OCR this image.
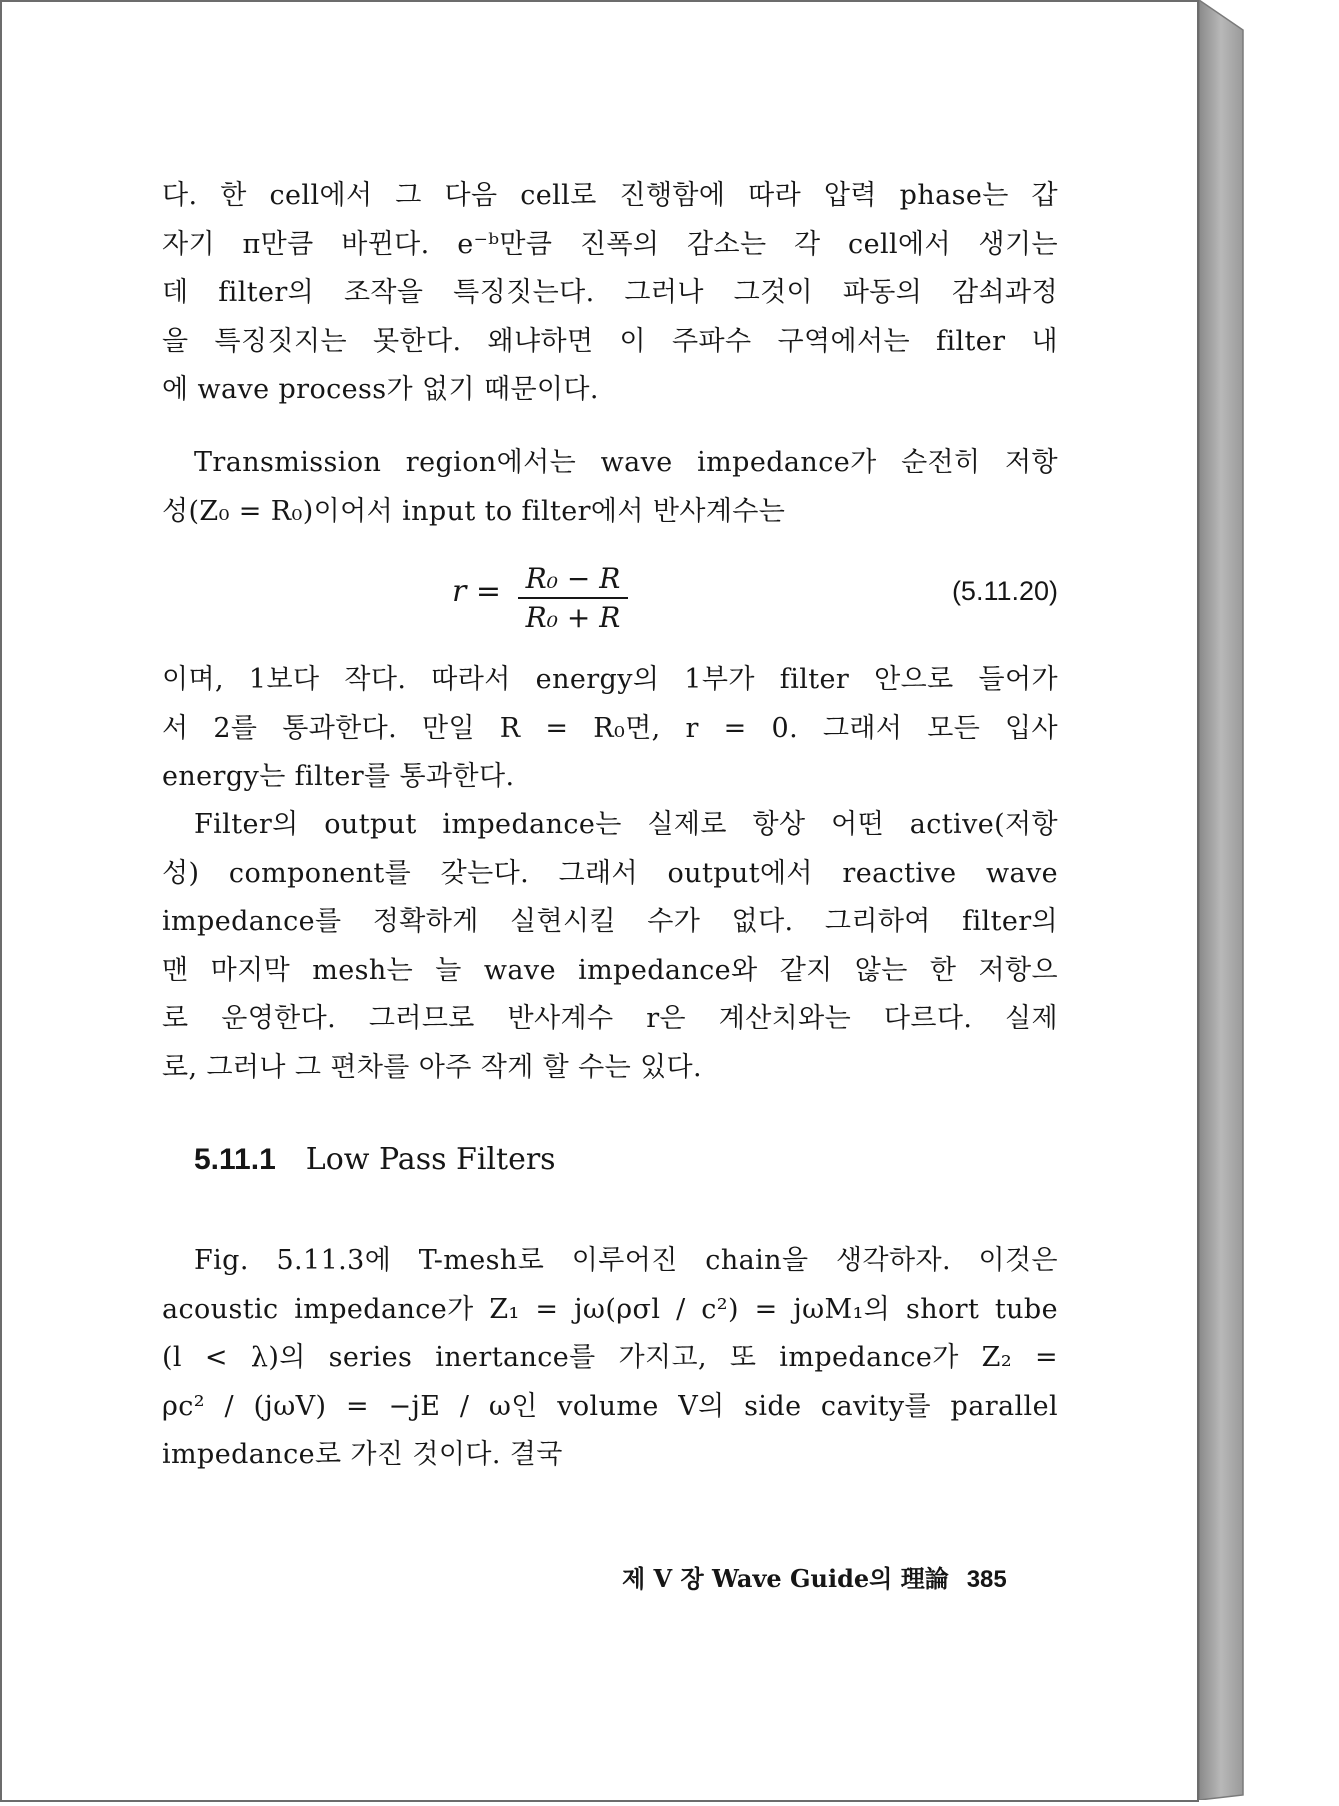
다. 한 cell에서 그 다음 cell로 진행함에 따라 압력 phase는 갑
자기 π만큼 바뀐다. e⁻ᵇ만큼 진폭의 감소는 각 cell에서 생기는
데 filter의 조작을 특징짓는다. 그러나 그것이 파동의 감쇠과정
을 특징짓지는 못한다. 왜냐하면 이 주파수 구역에서는 filter 내
에 wave process가 없기 때문이다.

Transmission region에서는 wave impedance가 순전히 저항
성(Z₀ = R₀)이어서 input to filter에서 반사계수는

r = R₀ − R
R₀ + R
(5.11.20)

이며, 1보다 작다. 따라서 energy의 1부가 filter 안으로 들어가
서 2를 통과한다. 만일 R = R₀면, r = 0. 그래서 모든 입사
energy는 filter를 통과한다.

Filter의 output impedance는 실제로 항상 어떤 active(저항
성) component를 갖는다. 그래서 output에서 reactive wave
impedance를 정확하게 실현시킬 수가 없다. 그리하여 filter의
맨 마지막 mesh는 늘 wave impedance와 같지 않는 한 저항으
로 운영한다. 그러므로 반사계수 r은 계산치와는 다르다. 실제
로, 그러나 그 편차를 아주 작게 할 수는 있다.

5.11.1 Low Pass Filters

Fig. 5.11.3에 T-mesh로 이루어진 chain을 생각하자. 이것은
acoustic impedance가 Z₁ = jω(ρσl / c²) = jωM₁의 short tube
(l < λ)의 series inertance를 가지고, 또 impedance가 Z₂ =
ρc² / (jωV) = −jE / ω인 volume V의 side cavity를 parallel
impedance로 가진 것이다. 결국

제 V 장 Wave Guide의 理論 385
